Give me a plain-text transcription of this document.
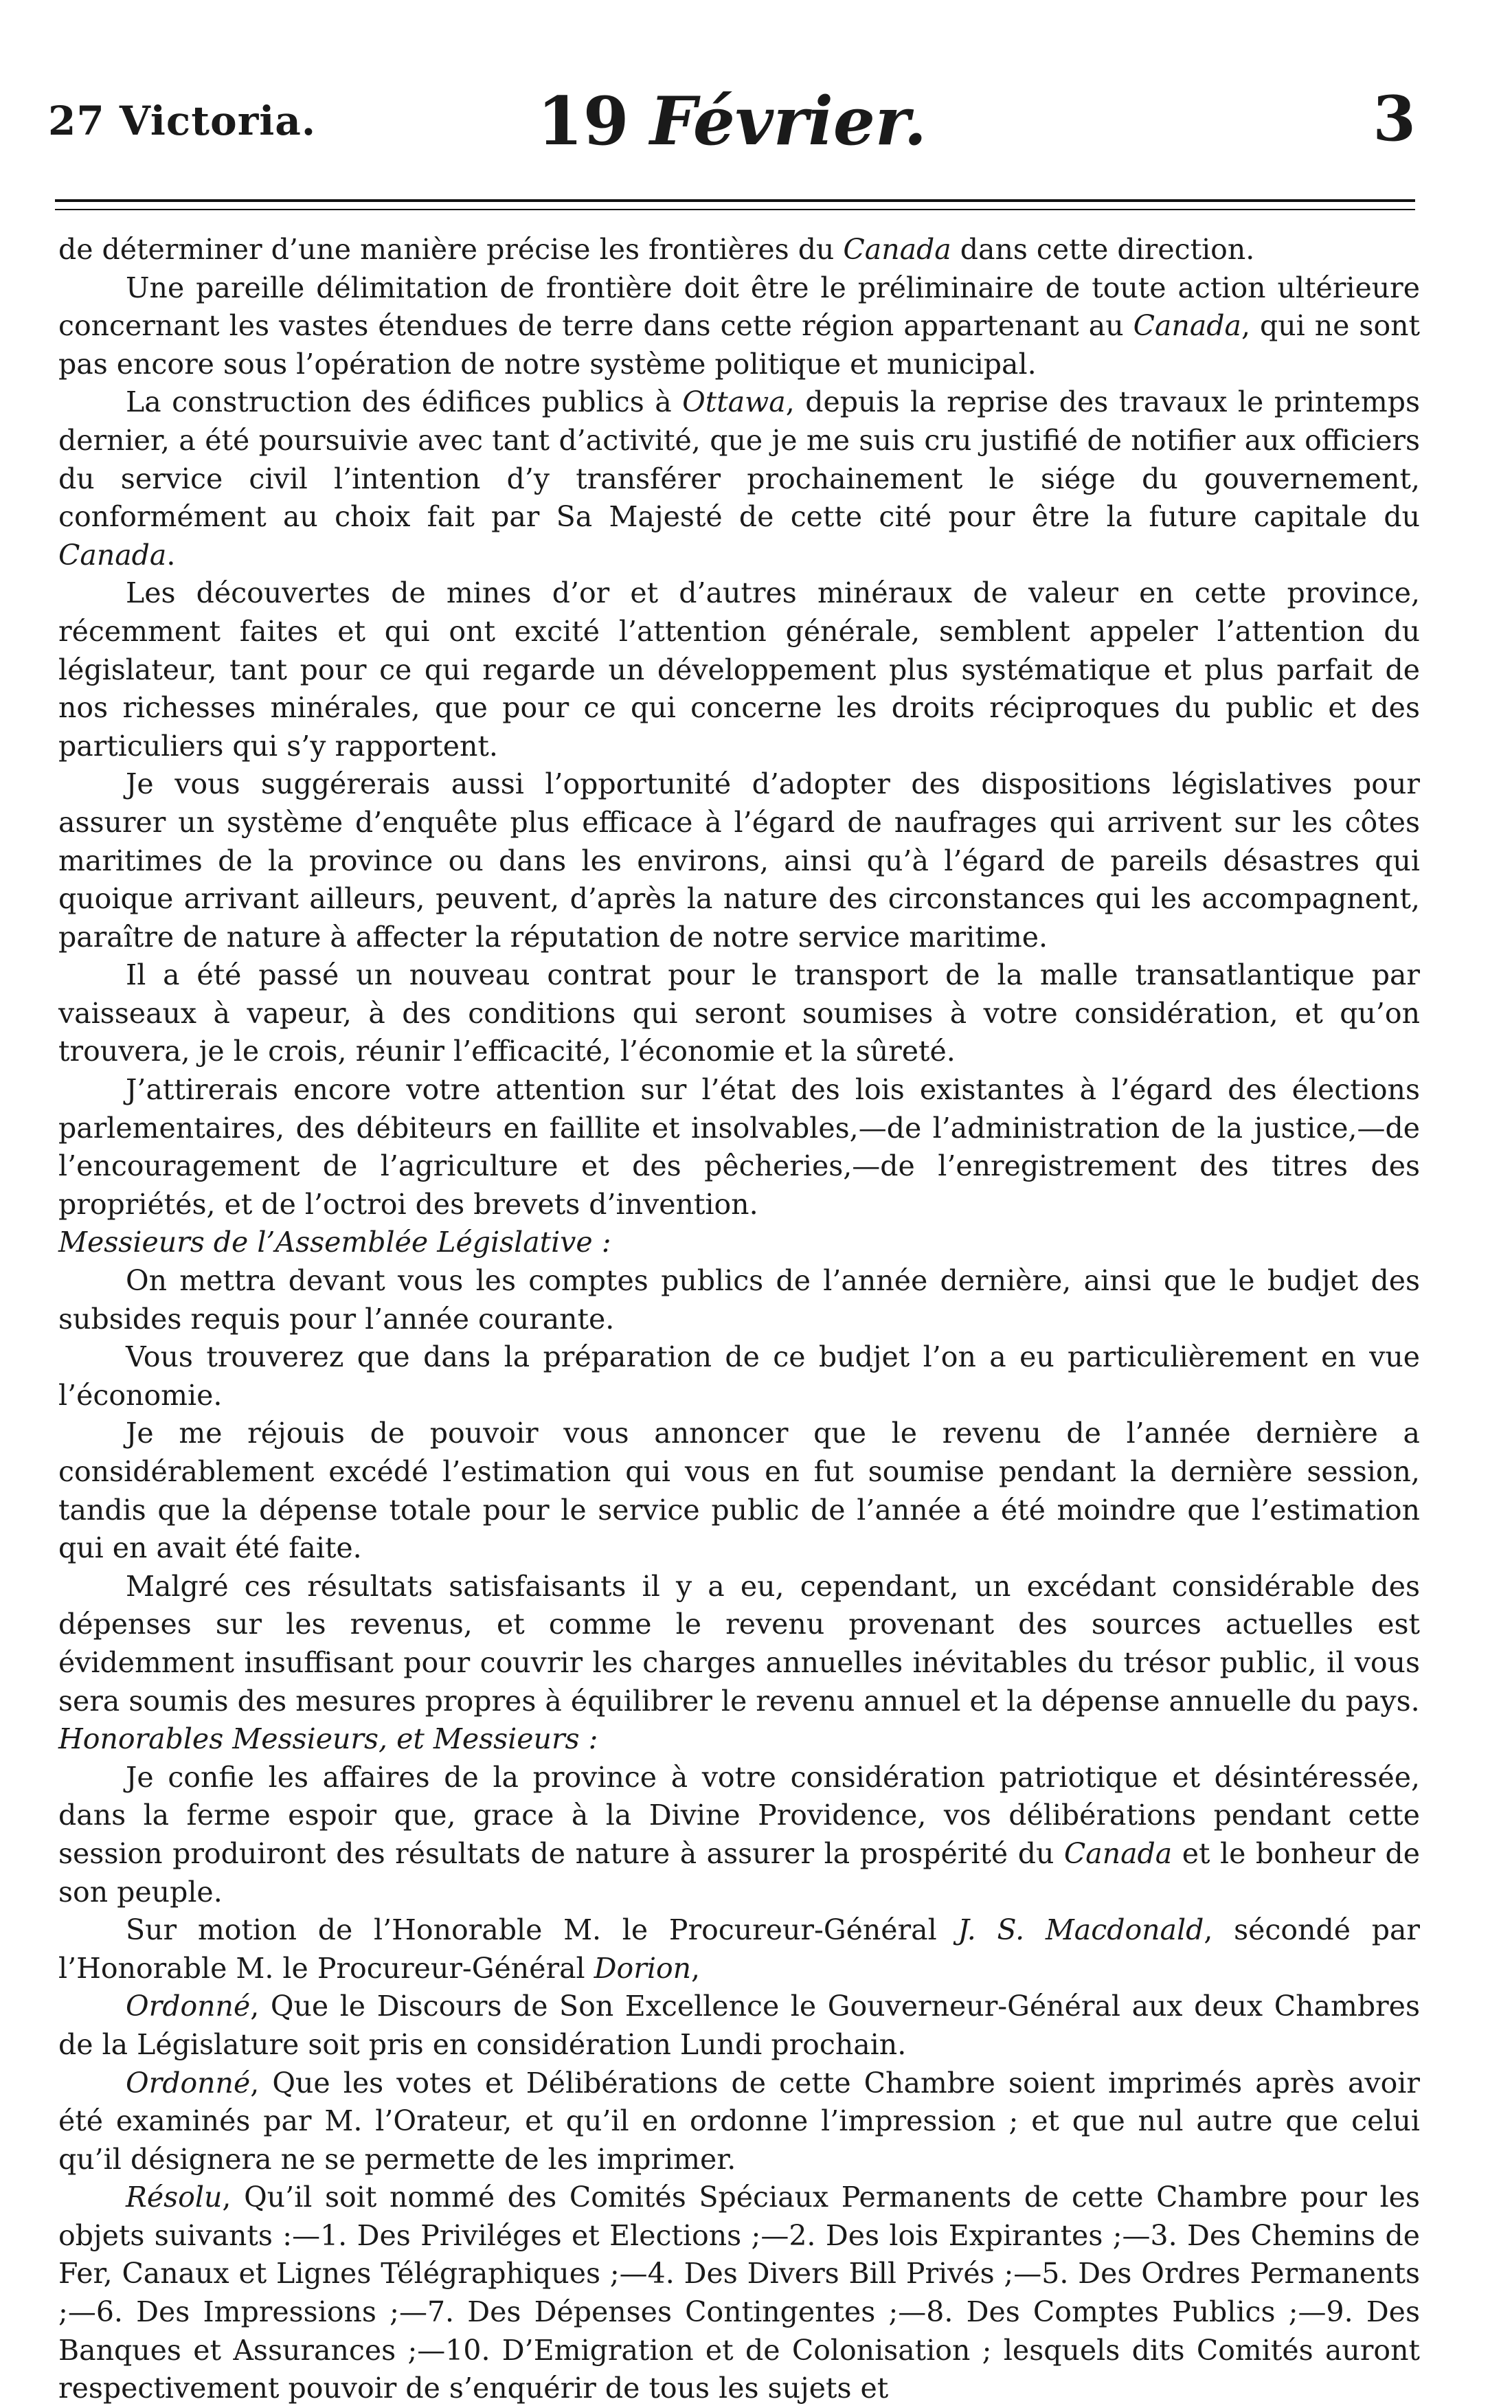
27 Victoria.	19 Février.	3

de déterminer d’une manière précise les frontières du Canada dans cette direction.

Une pareille délimitation de frontière doit être le préliminaire de toute action ultérieure concernant les vastes étendues de terre dans cette région appartenant au Canada, qui ne sont pas encore sous l’opération de notre système politique et municipal.

La construction des édifices publics à Ottawa, depuis la reprise des travaux le printemps dernier, a été poursuivie avec tant d’activité, que je me suis cru justifié de notifier aux officiers du service civil l’intention d’y transférer prochainement le siége du gouvernement, conformément au choix fait par Sa Majesté de cette cité pour être la future capitale du Canada.

Les découvertes de mines d’or et d’autres minéraux de valeur en cette province, récemment faites et qui ont excité l’attention générale, semblent appeler l’attention du législateur, tant pour ce qui regarde un développement plus systématique et plus parfait de nos richesses minérales, que pour ce qui concerne les droits réciproques du public et des particuliers qui s’y rapportent.

Je vous suggérerais aussi l’opportunité d’adopter des dispositions législatives pour assurer un système d’enquête plus efficace à l’égard de naufrages qui arrivent sur les côtes maritimes de la province ou dans les environs, ainsi qu’à l’égard de pareils désastres qui quoique arrivant ailleurs, peuvent, d’après la nature des circonstances qui les accompagnent, paraître de nature à affecter la réputation de notre service maritime.

Il a été passé un nouveau contrat pour le transport de la malle transatlantique par vaisseaux à vapeur, à des conditions qui seront soumises à votre considération, et qu’on trouvera, je le crois, réunir l’efficacité, l’économie et la sûreté.

J’attirerais encore votre attention sur l’état des lois existantes à l’égard des élections parlementaires, des débiteurs en faillite et insolvables,—de l’administration de la justice,—de l’encouragement de l’agriculture et des pêcheries,—de l’enregistrement des titres des propriétés, et de l’octroi des brevets d’invention.

Messieurs de l’Assemblée Législative :

On mettra devant vous les comptes publics de l’année dernière, ainsi que le budjet des subsides requis pour l’année courante.

Vous trouverez que dans la préparation de ce budjet l’on a eu particulièrement en vue l’économie.

Je me réjouis de pouvoir vous annoncer que le revenu de l’année dernière a considérablement excédé l’estimation qui vous en fut soumise pendant la dernière session, tandis que la dépense totale pour le service public de l’année a été moindre que l’estimation qui en avait été faite.

Malgré ces résultats satisfaisants il y a eu, cependant, un excédant considérable des dépenses sur les revenus, et comme le revenu provenant des sources actuelles est évidemment insuffisant pour couvrir les charges annuelles inévitables du trésor public, il vous sera soumis des mesures propres à équilibrer le revenu annuel et la dépense annuelle du pays.

Honorables Messieurs, et Messieurs :

Je confie les affaires de la province à votre considération patriotique et désintéressée, dans la ferme espoir que, grace à la Divine Providence, vos délibérations pendant cette session produiront des résultats de nature à assurer la prospérité du Canada et le bonheur de son peuple.

Sur motion de l’Honorable M. le Procureur-Général J. S. Macdonald, sécondé par l’Honorable M. le Procureur-Général Dorion,

Ordonné, Que le Discours de Son Excellence le Gouverneur-Général aux deux Chambres de la Législature soit pris en considération Lundi prochain.

Ordonné, Que les votes et Délibérations de cette Chambre soient imprimés après avoir été examinés par M. l’Orateur, et qu’il en ordonne l’impression ; et que nul autre que celui qu’il désignera ne se permette de les imprimer.

Résolu, Qu’il soit nommé des Comités Spéciaux Permanents de cette Chambre pour les objets suivants :—1. Des Priviléges et Elections ;—2. Des lois Expirantes ;—3. Des Chemins de Fer, Canaux et Lignes Télégraphiques ;—4. Des Divers Bill Privés ;—5. Des Ordres Permanents ;—6. Des Impressions ;—7. Des Dépenses Contingentes ;—8. Des Comptes Publics ;—9. Des Banques et Assurances ;—10. D’Emigration et de Colonisation ; lesquels dits Comités auront respectivement pouvoir de s’enquérir de tous les sujets et
